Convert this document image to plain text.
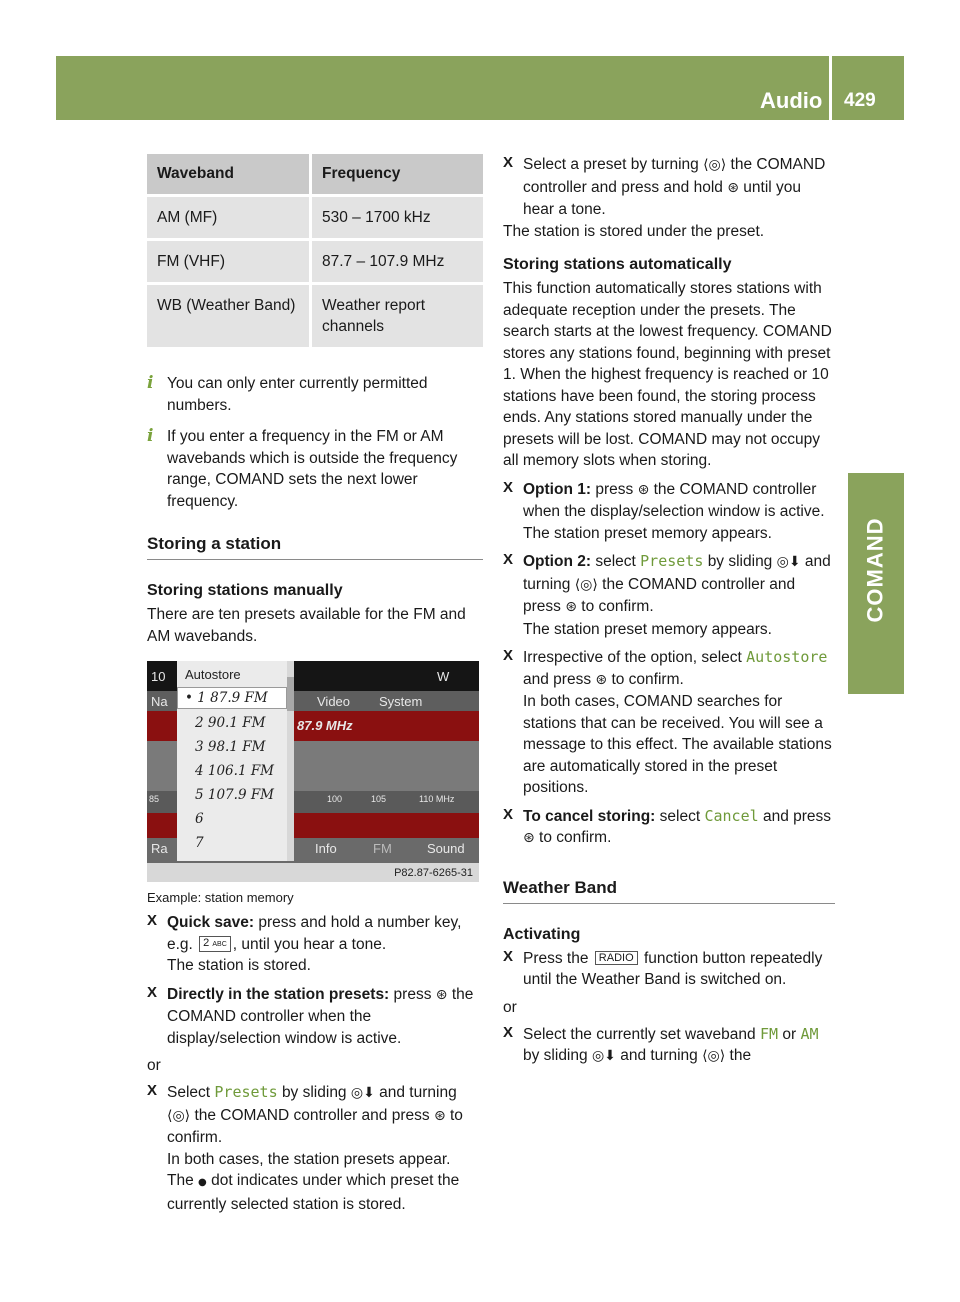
Audio 429
COMAND
Waveband	Frequency
AM (MF)	530 – 1700 kHz
FM (VHF)	87.7 – 107.9 MHz
WB (Weather Band)	Weather report channels
i You can only enter currently permitted numbers.

i If you enter a frequency in the FM or AM wavebands which is outside the frequency range, COMAND sets the next lower frequency.

Storing a station
Storing stations manually

There are ten presets available for the FM and AM wavebands.

10	W
Na	Video System
87.9 MHz
85	100	105	110 MHz
Ra	Info	FM	Sound
Autostore
• 1 87.9 FM
2 90.1 FM
3 98.1 FM
4 106.1 FM
5 107.9 FM
6
7
P82.87-6265-31
Example: station memory
X Quick save: press and hold a number key, e.g. 2 ABC , until you hear a tone.
The station is stored.

X Directly in the station presets: press ⊛ the COMAND controller when the display/selection window is active.

or
X Select Presets by sliding ◎⬇ and turning ⟨◎⟩ the COMAND controller and press ⊛ to confirm.
In both cases, the station presets appear.
The ● dot indicates under which preset the currently selected station is stored.

X Select a preset by turning ⟨◎⟩ the COMAND controller and press and hold ⊛ until you hear a tone.

The station is stored under the preset.

Storing stations automatically

This function automatically stores stations with adequate reception under the presets. The search starts at the lowest frequency. COMAND stores any stations found, beginning with preset 1. When the highest frequency is reached or 10 stations have been found, the storing process ends. Any stations stored manually under the presets will be lost. COMAND may not occupy all memory slots when storing.

X Option 1: press ⊛ the COMAND controller when the display/selection window is active.
The station preset memory appears.

X Option 2: select Presets by sliding ◎⬇ and turning ⟨◎⟩ the COMAND controller and press ⊛ to confirm.
The station preset memory appears.

X Irrespective of the option, select Autostore and press ⊛ to confirm.
In both cases, COMAND searches for stations that can be received. You will see a message to this effect. The available stations are automatically stored in the preset positions.

X To cancel storing: select Cancel and press ⊛ to confirm.

Weather Band
Activating
X Press the RADIO function button repeatedly until the Weather Band is switched on.

or
X Select the currently set waveband FM or AM by sliding ◎⬇ and turning ⟨◎⟩ the
